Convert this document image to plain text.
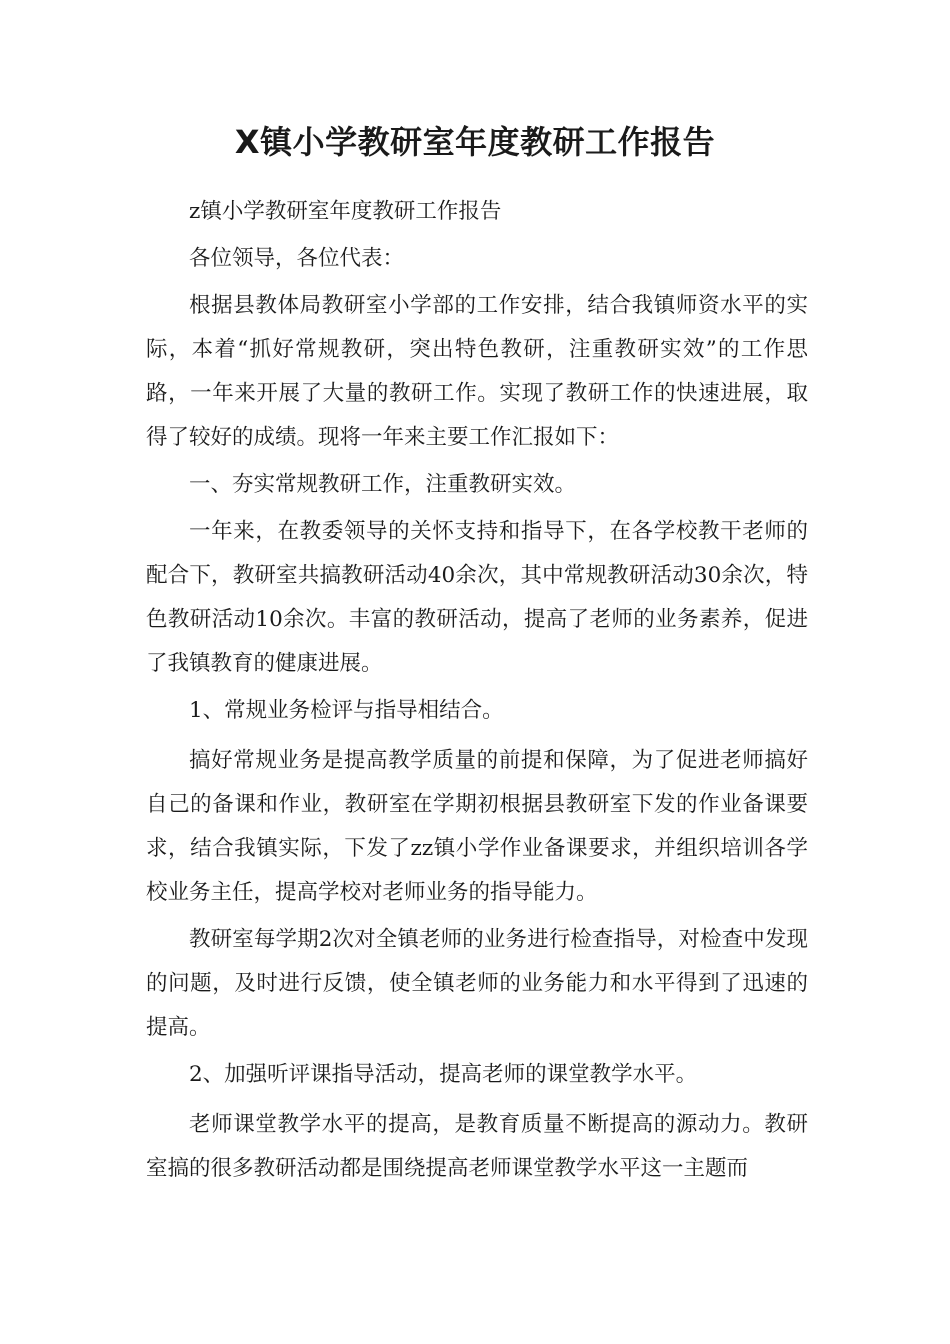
X镇小学教研室年度教研工作报告

z镇小学教研室年度教研工作报告

各位领导，各位代表：

根据县教体局教研室小学部的工作安排，结合我镇师资水平的实际，本着“抓好常规教研，突出特色教研，注重教研实效”的工作思路，一年来开展了大量的教研工作。实现了教研工作的快速进展，取得了较好的成绩。现将一年来主要工作汇报如下：

一、夯实常规教研工作，注重教研实效。

一年来，在教委领导的关怀支持和指导下，在各学校教干老师的配合下，教研室共搞教研活动40余次，其中常规教研活动30余次，特色教研活动10余次。丰富的教研活动，提高了老师的业务素养，促进了我镇教育的健康进展。

1、常规业务检评与指导相结合。

搞好常规业务是提高教学质量的前提和保障，为了促进老师搞好自己的备课和作业，教研室在学期初根据县教研室下发的作业备课要求，结合我镇实际，下发了zz镇小学作业备课要求，并组织培训各学校业务主任，提高学校对老师业务的指导能力。

教研室每学期2次对全镇老师的业务进行检查指导，对检查中发现的问题，及时进行反馈，使全镇老师的业务能力和水平得到了迅速的提高。

2、加强听评课指导活动，提高老师的课堂教学水平。

老师课堂教学水平的提高，是教育质量不断提高的源动力。教研室搞的很多教研活动都是围绕提高老师课堂教学水平这一主题而
